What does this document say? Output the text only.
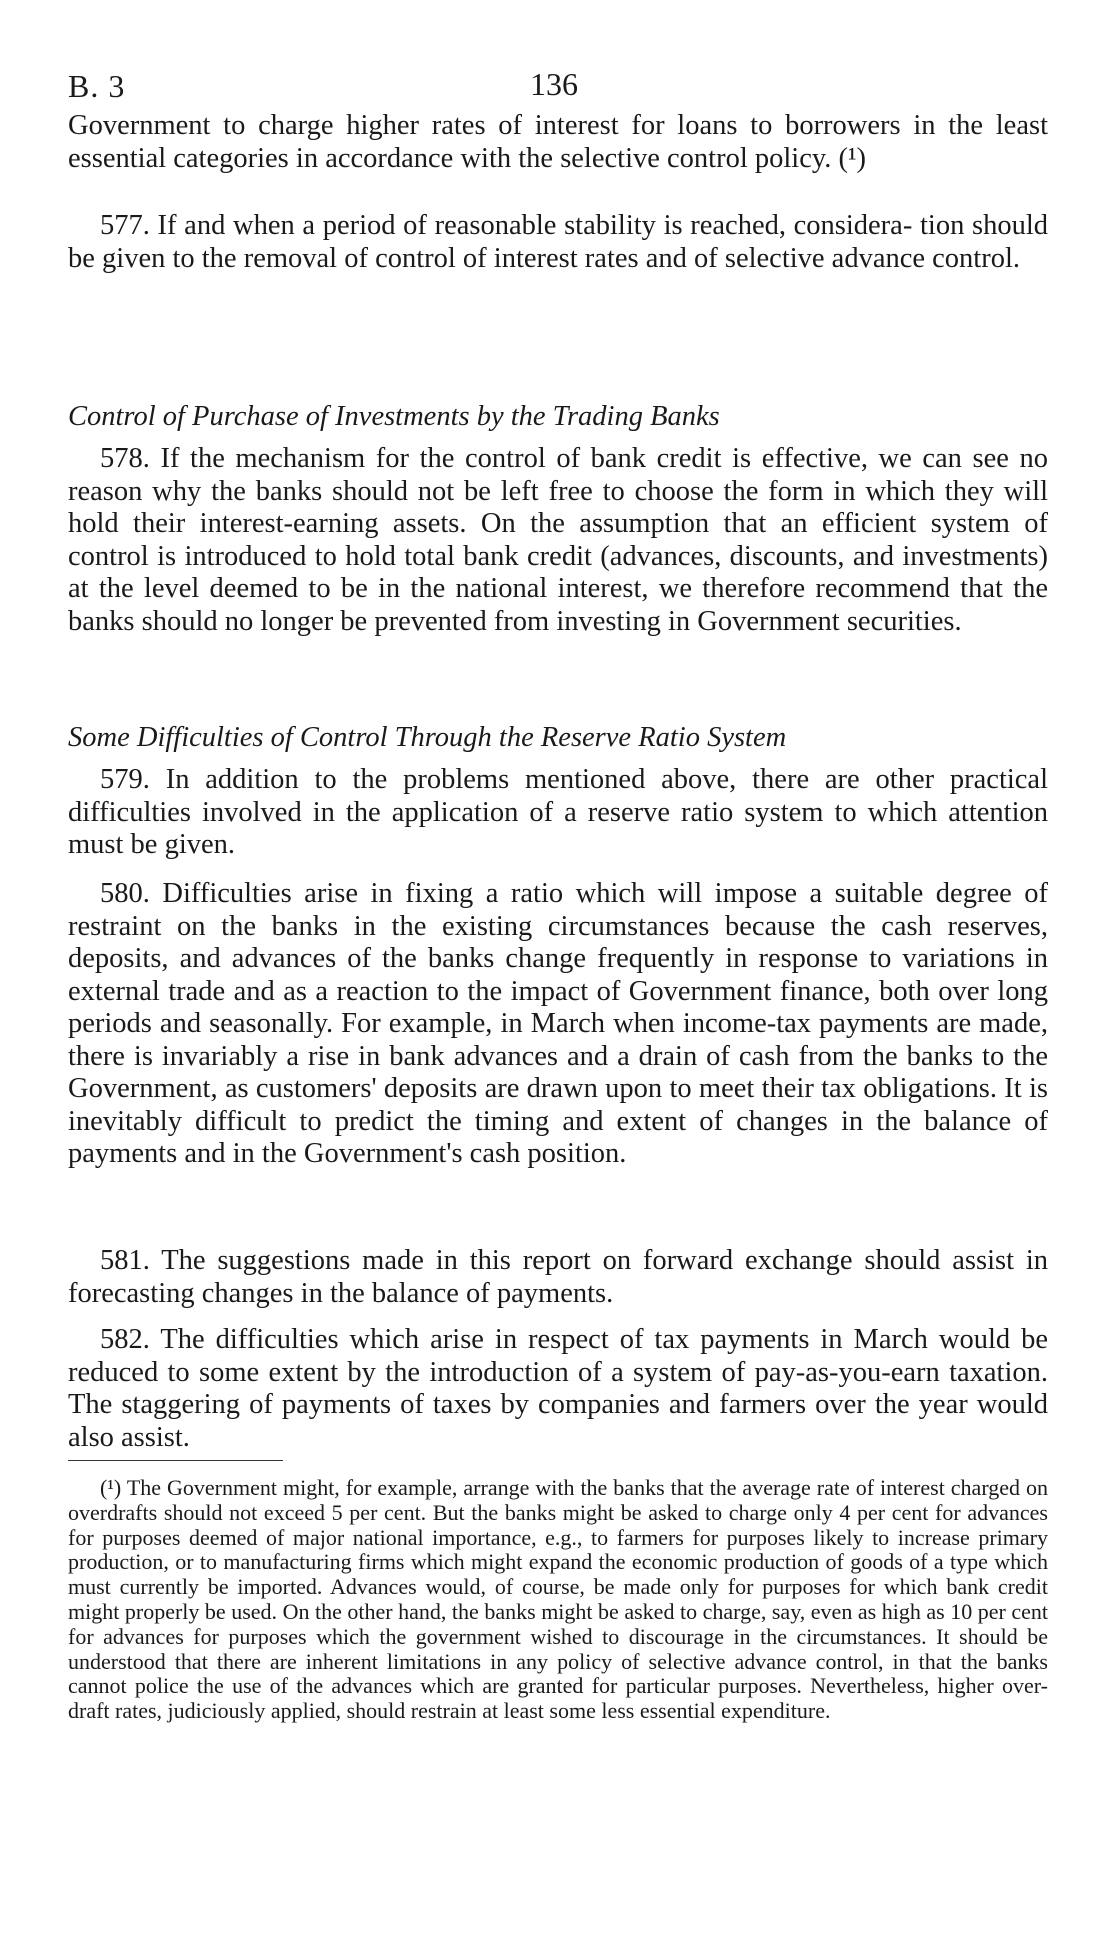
B. 3	136
Government to charge higher rates of interest for loans to borrowers in the least essential categories in accordance with the selective control policy. (¹)
577. If and when a period of reasonable stability is reached, considera- tion should be given to the removal of control of interest rates and of selective advance control.
Control of Purchase of Investments by the Trading Banks
578. If the mechanism for the control of bank credit is effective, we can see no reason why the banks should not be left free to choose the form in which they will hold their interest-earning assets. On the assumption that an efficient system of control is introduced to hold total bank credit (advances, discounts, and investments) at the level deemed to be in the national interest, we therefore recommend that the banks should no longer be prevented from investing in Government securities.
Some Difficulties of Control Through the Reserve Ratio System
579. In addition to the problems mentioned above, there are other practical difficulties involved in the application of a reserve ratio system to which attention must be given.
580. Difficulties arise in fixing a ratio which will impose a suitable degree of restraint on the banks in the existing circumstances because the cash reserves, deposits, and advances of the banks change frequently in response to variations in external trade and as a reaction to the impact of Government finance, both over long periods and seasonally. For example, in March when income-tax payments are made, there is invariably a rise in bank advances and a drain of cash from the banks to the Government, as customers' deposits are drawn upon to meet their tax obligations. It is inevitably difficult to predict the timing and extent of changes in the balance of payments and in the Government's cash position.
581. The suggestions made in this report on forward exchange should assist in forecasting changes in the balance of payments.
582. The difficulties which arise in respect of tax payments in March would be reduced to some extent by the introduction of a system of pay-as-you-earn taxation. The staggering of payments of taxes by companies and farmers over the year would also assist.
(¹) The Government might, for example, arrange with the banks that the average rate of interest charged on overdrafts should not exceed 5 per cent. But the banks might be asked to charge only 4 per cent for advances for purposes deemed of major national importance, e.g., to farmers for purposes likely to increase primary production, or to manufacturing firms which might expand the economic production of goods of a type which must currently be imported. Advances would, of course, be made only for purposes for which bank credit might properly be used. On the other hand, the banks might be asked to charge, say, even as high as 10 per cent for advances for purposes which the government wished to discourage in the circumstances. It should be understood that there are inherent limitations in any policy of selective advance control, in that the banks cannot police the use of the advances which are granted for particular purposes. Nevertheless, higher over- draft rates, judiciously applied, should restrain at least some less essential expenditure.
